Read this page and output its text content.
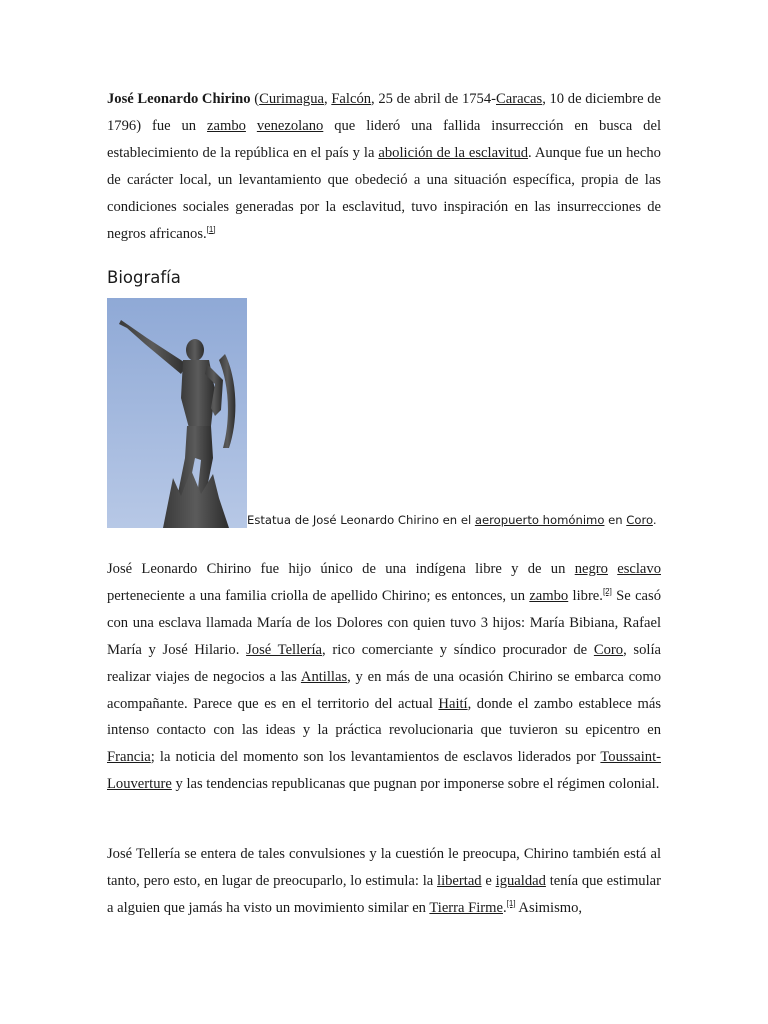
José Leonardo Chirino (Curimagua, Falcón, 25 de abril de 1754-Caracas, 10 de diciembre de 1796) fue un zambo venezolano que lideró una fallida insurrección en busca del establecimiento de la república en el país y la abolición de la esclavitud. Aunque fue un hecho de carácter local, un levantamiento que obedeció a una situación específica, propia de las condiciones sociales generadas por la esclavitud, tuvo inspiración en las insurrecciones de negros africanos.[1]

Biografía
Estatua de José Leonardo Chirino en el aeropuerto homónimo en Coro.

José Leonardo Chirino fue hijo único de una indígena libre y de un negro esclavo perteneciente a una familia criolla de apellido Chirino; es entonces, un zambo libre.[2] Se casó con una esclava llamada María de los Dolores con quien tuvo 3 hijos: María Bibiana, Rafael María y José Hilario. José Tellería, rico comerciante y síndico procurador de Coro, solía realizar viajes de negocios a las Antillas, y en más de una ocasión Chirino se embarca como acompañante. Parece que es en el territorio del actual Haití, donde el zambo establece más intenso contacto con las ideas y la práctica revolucionaria que tuvieron su epicentro en Francia; la noticia del momento son los levantamientos de esclavos liderados por Toussaint-Louverture y las tendencias republicanas que pugnan por imponerse sobre el régimen colonial.

José Tellería se entera de tales convulsiones y la cuestión le preocupa, Chirino también está al tanto, pero esto, en lugar de preocuparlo, lo estimula: la libertad e igualdad tenía que estimular a alguien que jamás ha visto un movimiento similar en Tierra Firme.[1] Asimismo,
